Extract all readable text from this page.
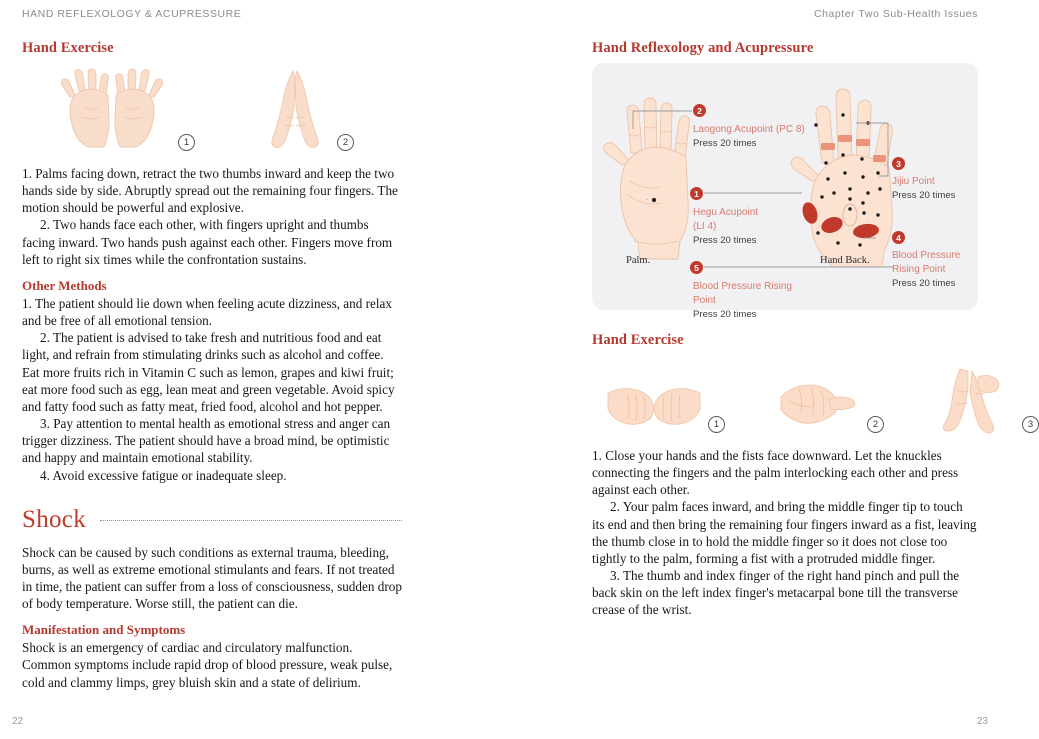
HAND REFLEXOLOGY & ACUPRESSURE	Chapter Two Sub-Health Issues
Hand Exercise
1	2

1. Palms facing down, retract the two thumbs inward and keep the two hands side by side. Abruptly spread out the remaining four fingers. The motion should be powerful and explosive.

2. Two hands face each other, with fingers upright and thumbs facing inward. Two hands push against each other. Fingers move from left to right six times while the confrontation sustains.

Other Methods

1. The patient should lie down when feeling acute dizziness, and relax and be free of all emotional tension.

2. The patient is advised to take fresh and nutritious food and eat light, and refrain from stimulating drinks such as alcohol and coffee. Eat more fruits rich in Vitamin C such as lemon, grapes and kiwi fruit; eat more food such as egg, lean meat and green vegetable. Avoid spicy and fatty food such as fatty meat, fried food, alcohol and hot pepper.

3. Pay attention to mental health as emotional stress and anger can trigger dizziness. The patient should have a broad mind, be optimistic and happy and maintain emotional stability.

4. Avoid excessive fatigue or inadequate sleep.

Shock

Shock can be caused by such conditions as external trauma, bleeding, burns, as well as extreme emotional stimulants and fears. If not treated in time, the patient can suffer from a loss of consciousness, sudden drop of body temperature. Worse still, the patient can die.

Manifestation and Symptoms

Shock is an emergency of cardiac and circulatory malfunction. Common symptoms include rapid drop of blood pressure, weak pulse, cold and clammy limps, grey bluish skin and a state of delirium.

Hand Reflexology and Acupressure
2
1
5
3
4
Laogong Acupoint (PC 8)
Press 20 times
Hegu Acupoint
(LI 4)
Press 20 times
Blood Pressure Rising
Point
Press 20 times
Jijiu Point
Press 20 times
Blood Pressure
Rising Point
Press 20 times
Palm.	Hand Back.
Hand Exercise
1	2	3

1. Close your hands and the fists face downward. Let the knuckles connecting the fingers and the palm interlocking each other and press against each other.

2. Your palm faces inward, and bring the middle finger tip to touch its end and then bring the remaining four fingers inward as a fist, leaving the thumb close in to hold the middle finger so it does not close too tightly to the palm, forming a fist with a protruded middle finger.

3. The thumb and index finger of the right hand pinch and pull the back skin on the left index finger's metacarpal bone till the transverse crease of the wrist.

22	23
